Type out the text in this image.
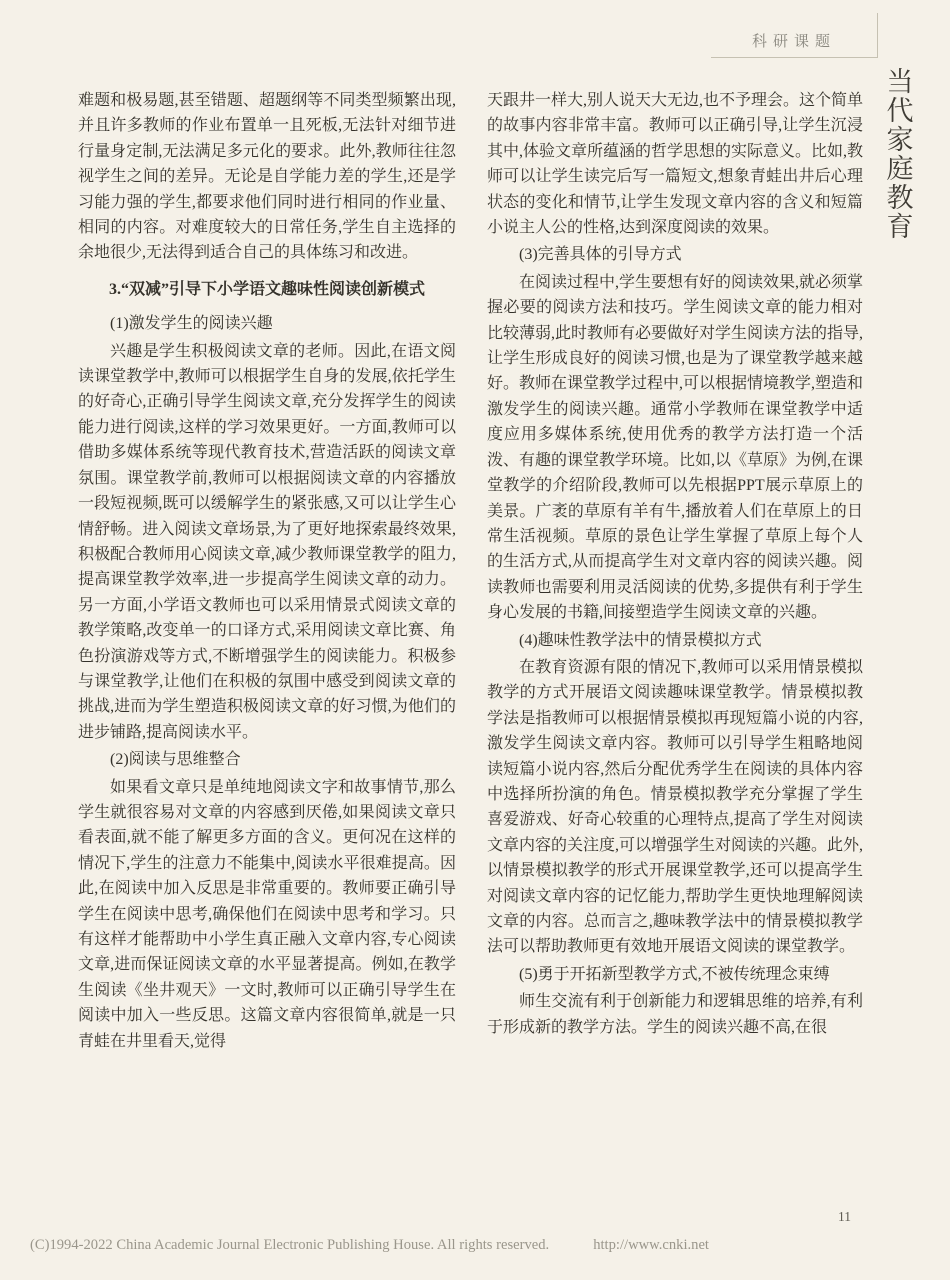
科研课题
当
代
家
庭
教
育
难题和极易题,甚至错题、超题纲等不同类型频繁出现,并且许多教师的作业布置单一且死板,无法针对细节进行量身定制,无法满足多元化的要求。此外,教师往往忽视学生之间的差异。无论是自学能力差的学生,还是学习能力强的学生,都要求他们同时进行相同的作业量、相同的内容。对难度较大的日常任务,学生自主选择的余地很少,无法得到适合自己的具体练习和改进。
3.“双减”引导下小学语文趣味性阅读创新模式
(1)激发学生的阅读兴趣
兴趣是学生积极阅读文章的老师。因此,在语文阅读课堂教学中,教师可以根据学生自身的发展,依托学生的好奇心,正确引导学生阅读文章,充分发挥学生的阅读能力进行阅读,这样的学习效果更好。一方面,教师可以借助多媒体系统等现代教育技术,营造活跃的阅读文章氛围。课堂教学前,教师可以根据阅读文章的内容播放一段短视频,既可以缓解学生的紧张感,又可以让学生心情舒畅。进入阅读文章场景,为了更好地探索最终效果,积极配合教师用心阅读文章,减少教师课堂教学的阻力,提高课堂教学效率,进一步提高学生阅读文章的动力。另一方面,小学语文教师也可以采用情景式阅读文章的教学策略,改变单一的口译方式,采用阅读文章比赛、角色扮演游戏等方式,不断增强学生的阅读能力。积极参与课堂教学,让他们在积极的氛围中感受到阅读文章的挑战,进而为学生塑造积极阅读文章的好习惯,为他们的进步铺路,提高阅读水平。
(2)阅读与思维整合
如果看文章只是单纯地阅读文字和故事情节,那么学生就很容易对文章的内容感到厌倦,如果阅读文章只看表面,就不能了解更多方面的含义。更何况在这样的情况下,学生的注意力不能集中,阅读水平很难提高。因此,在阅读中加入反思是非常重要的。教师要正确引导学生在阅读中思考,确保他们在阅读中思考和学习。只有这样才能帮助中小学生真正融入文章内容,专心阅读文章,进而保证阅读文章的水平显著提高。例如,在教学生阅读《坐井观天》一文时,教师可以正确引导学生在阅读中加入一些反思。这篇文章内容很简单,就是一只青蛙在井里看天,觉得
天跟井一样大,别人说天大无边,也不予理会。这个简单的故事内容非常丰富。教师可以正确引导,让学生沉浸其中,体验文章所蕴涵的哲学思想的实际意义。比如,教师可以让学生读完后写一篇短文,想象青蛙出井后心理状态的变化和情节,让学生发现文章内容的含义和短篇小说主人公的性格,达到深度阅读的效果。
(3)完善具体的引导方式
在阅读过程中,学生要想有好的阅读效果,就必须掌握必要的阅读方法和技巧。学生阅读文章的能力相对比较薄弱,此时教师有必要做好对学生阅读方法的指导,让学生形成良好的阅读习惯,也是为了课堂教学越来越好。教师在课堂教学过程中,可以根据情境教学,塑造和激发学生的阅读兴趣。通常小学教师在课堂教学中适度应用多媒体系统,使用优秀的教学方法打造一个活泼、有趣的课堂教学环境。比如,以《草原》为例,在课堂教学的介绍阶段,教师可以先根据PPT展示草原上的美景。广袤的草原有羊有牛,播放着人们在草原上的日常生活视频。草原的景色让学生掌握了草原上每个人的生活方式,从而提高学生对文章内容的阅读兴趣。阅读教师也需要利用灵活阅读的优势,多提供有利于学生身心发展的书籍,间接塑造学生阅读文章的兴趣。
(4)趣味性教学法中的情景模拟方式
在教育资源有限的情况下,教师可以采用情景模拟教学的方式开展语文阅读趣味课堂教学。情景模拟教学法是指教师可以根据情景模拟再现短篇小说的内容,激发学生阅读文章内容。教师可以引导学生粗略地阅读短篇小说内容,然后分配优秀学生在阅读的具体内容中选择所扮演的角色。情景模拟教学充分掌握了学生喜爱游戏、好奇心较重的心理特点,提高了学生对阅读文章内容的关注度,可以增强学生对阅读的兴趣。此外,以情景模拟教学的形式开展课堂教学,还可以提高学生对阅读文章内容的记忆能力,帮助学生更快地理解阅读文章的内容。总而言之,趣味教学法中的情景模拟教学法可以帮助教师更有效地开展语文阅读的课堂教学。
(5)勇于开拓新型教学方式,不被传统理念束缚
师生交流有利于创新能力和逻辑思维的培养,有利于形成新的教学方法。学生的阅读兴趣不高,在很
11
(C)1994-2022 China Academic Journal Electronic Publishing House. All rights reserved.	http://www.cnki.net
